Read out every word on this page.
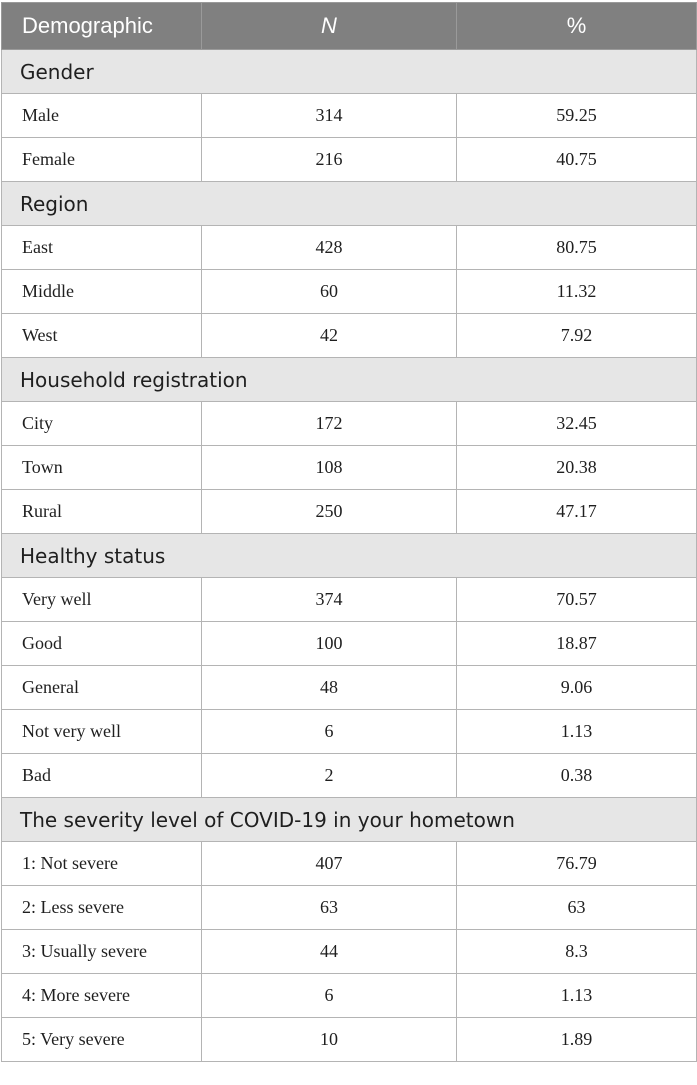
Demographic	N	%
Gender		
Male	314	59.25
Female	216	40.75
Region		
East	428	80.75
Middle	60	11.32
West	42	7.92
Household registration		
City	172	32.45
Town	108	20.38
Rural	250	47.17
Healthy status		
Very well	374	70.57
Good	100	18.87
General	48	9.06
Not very well	6	1.13
Bad	2	0.38
The severity level of COVID-19 in your hometown		
1: Not severe	407	76.79
2: Less severe	63	63
3: Usually severe	44	8.3
4: More severe	6	1.13
5: Very severe	10	1.89
